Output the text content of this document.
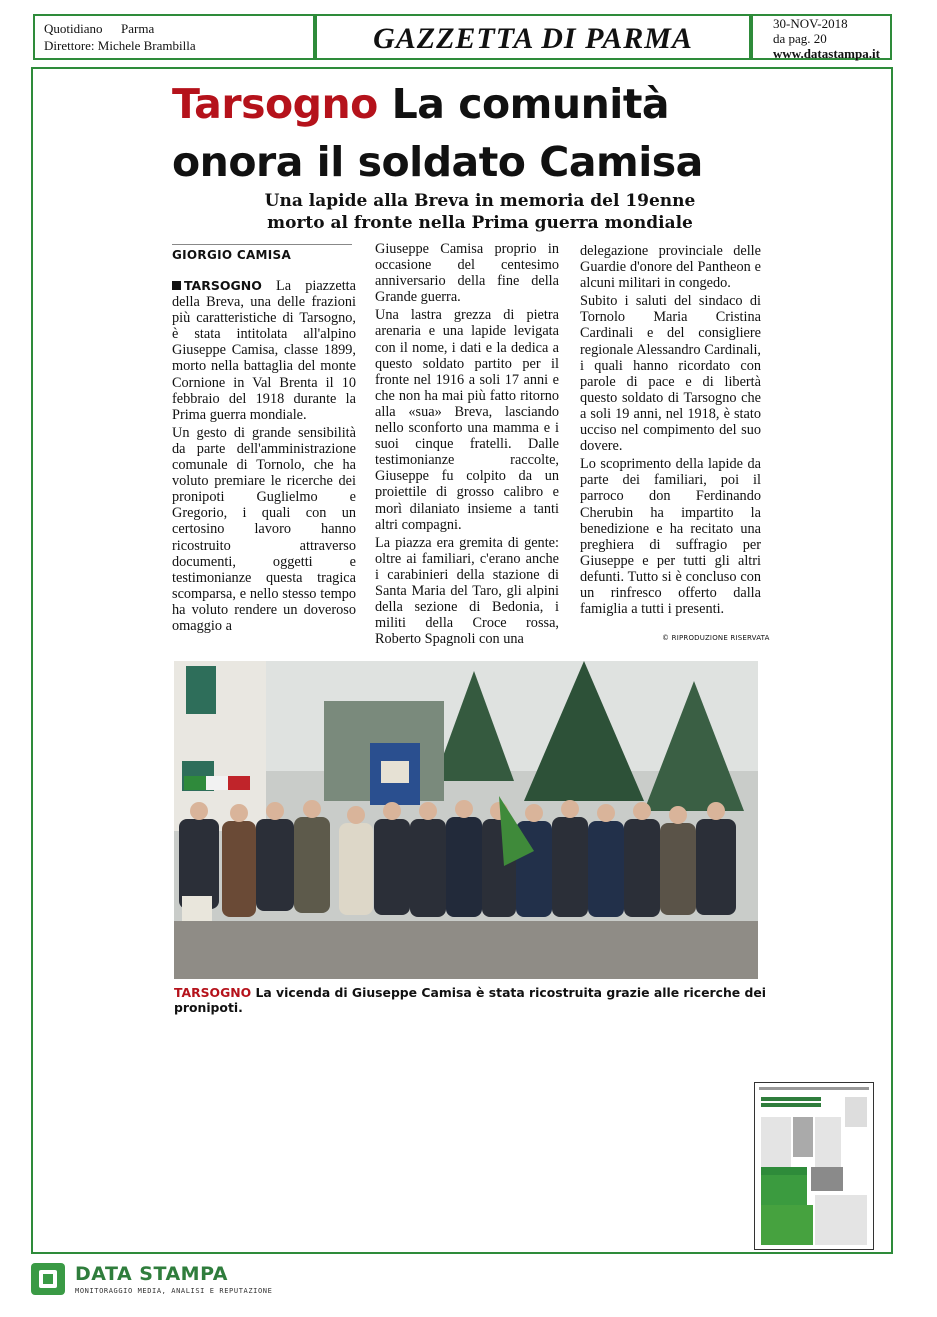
Quotidiano Parma
Direttore: Michele Brambilla	GAZZETTA DI PARMA	30-NOV-2018
da pag. 20
www.datastampa.it
Tarsogno La comunità
onora il soldato Camisa
Una lapide alla Breva in memoria del 19enne
morto al fronte nella Prima guerra mondiale
GIORGIO CAMISA

TARSOGNO La piazzetta della Breva, una delle frazioni più caratteristiche di Tarsogno, è stata intitolata all'alpino Giuseppe Camisa, classe 1899, morto nella battaglia del monte Cornione in Val Brenta il 10 febbraio del 1918 durante la Prima guerra mondiale.

Un gesto di grande sensibilità da parte dell'amministrazione comunale di Tornolo, che ha voluto premiare le ricerche dei pronipoti Guglielmo e Gregorio, i quali con un certosino lavoro hanno ricostruito attraverso documenti, oggetti e testimonianze questa tragica scomparsa, e nello stesso tempo ha voluto rendere un doveroso omaggio a

Giuseppe Camisa proprio in occasione del centesimo anniversario della fine della Grande guerra.

Una lastra grezza di pietra arenaria e una lapide levigata con il nome, i dati e la dedica a questo soldato partito per il fronte nel 1916 a soli 17 anni e che non ha mai più fatto ritorno alla «sua» Breva, lasciando nello sconforto una mamma e i suoi cinque fratelli. Dalle testimonianze raccolte, Giuseppe fu colpito da un proiettile di grosso calibro e morì dilaniato insieme a tanti altri compagni.

La piazza era gremita di gente: oltre ai familiari, c'erano anche i carabinieri della stazione di Santa Maria del Taro, gli alpini della sezione di Bedonia, i militi della Croce rossa, Roberto Spagnoli con una

delegazione provinciale delle Guardie d'onore del Pantheon e alcuni militari in congedo.

Subito i saluti del sindaco di Tornolo Maria Cristina Cardinali e del consigliere regionale Alessandro Cardinali, i quali hanno ricordato con parole di pace e di libertà questo soldato di Tarsogno che a soli 19 anni, nel 1918, è stato ucciso nel compimento del suo dovere.

Lo scoprimento della lapide da parte dei familiari, poi il parroco don Ferdinando Cherubin ha impartito la benedizione e ha recitato una preghiera di suffragio per Giuseppe e per tutti gli altri defunti. Tutto si è concluso con un rinfresco offerto dalla famiglia a tutti i presenti.

© RIPRODUZIONE RISERVATA
TARSOGNO La vicenda di Giuseppe Camisa è stata ricostruita grazie alle ricerche dei pronipoti.
DATA STAMPA
MONITORAGGIO MEDIA, ANALISI E REPUTAZIONE
